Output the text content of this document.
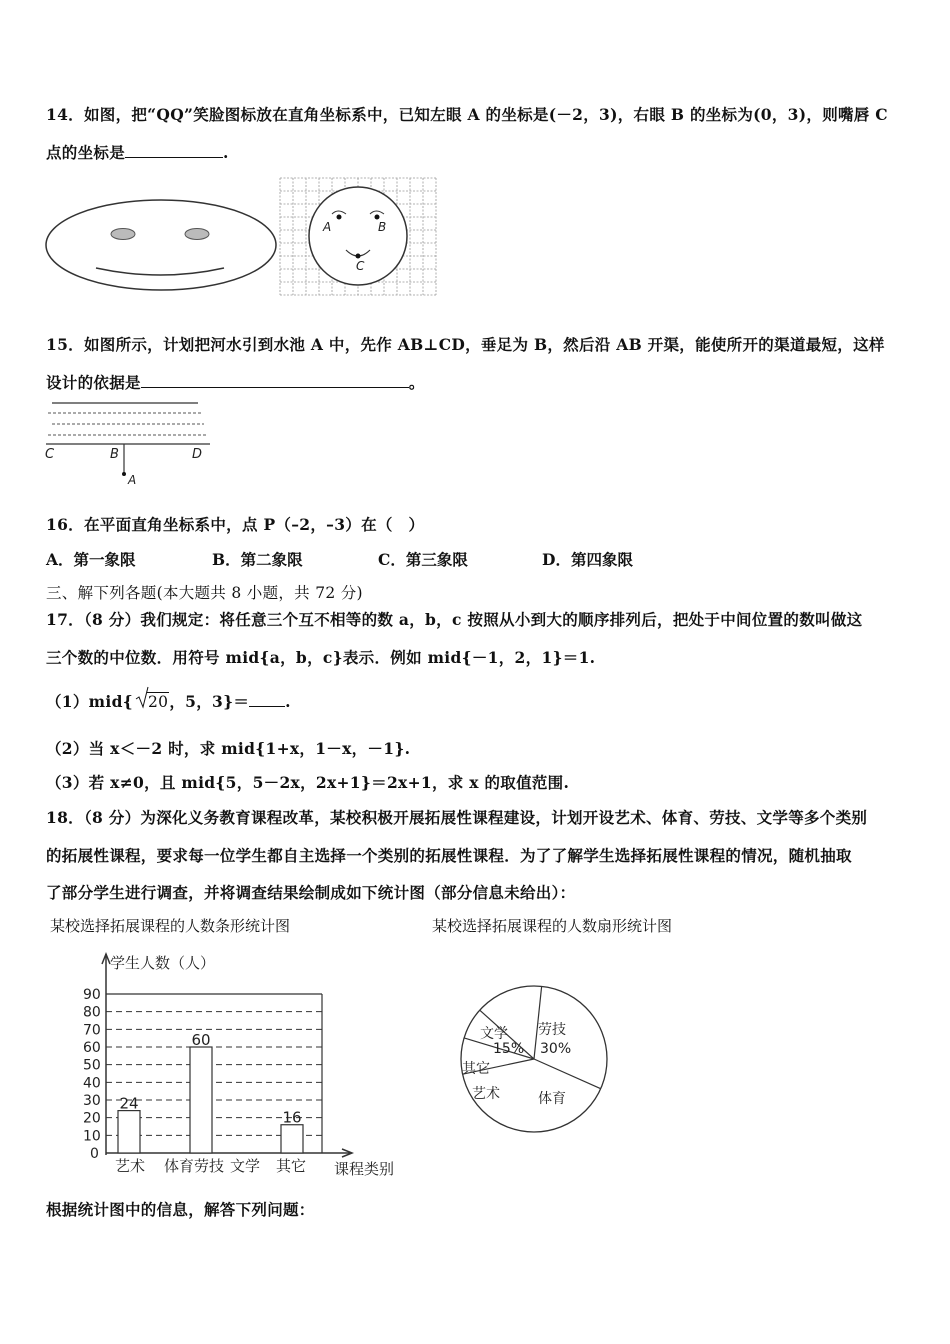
14．如图，把“QQ”笑脸图标放在直角坐标系中，已知左眼 A 的坐标是(－2，3)，右眼 B 的坐标为(0，3)，则嘴唇 C
点的坐标是	.
A	B
C
15．如图所示，计划把河水引到水池 A 中，先作 AB⊥CD，垂足为 B，然后沿 AB 开渠，能使所开的渠道最短，这样
设计的依据是	。
C	B	D
A
16．在平面直角坐标系中，点 P（–2，–3）在（　）
A．第一象限	B．第二象限	C．第三象限	D．第四象限
三、解下列各题(本大题共 8 小题，共 72 分)
17．（8 分）我们规定：将任意三个互不相等的数 a，b，c 按照从小到大的顺序排列后，把处于中间位置的数叫做这
三个数的中位数．用符号 mid{a，b，c}表示．例如 mid{－1，2，1}＝1.
（1）mid{ 20，5，3}＝ .
（2）当 x＜－2 时，求 mid{1+x，1－x，－1}.
（3）若 x≠0，且 mid{5，5－2x，2x+1}＝2x+1，求 x 的取值范围.
18．（8 分）为深化义务教育课程改革，某校积极开展拓展性课程建设，计划开设艺术、体育、劳技、文学等多个类别
的拓展性课程，要求每一位学生都自主选择一个类别的拓展性课程．为了了解学生选择拓展性课程的情况，随机抽取
了部分学生进行调查，并将调查结果绘制成如下统计图（部分信息未给出）：
某校选择拓展课程的人数条形统计图	某校选择拓展课程的人数扇形统计图
学生人数（人）
课程类别
0
10
20
30
40
50
60
70
80
90
艺术 体育 劳技 文学 其它
24
60
16
劳技
30%
体育
艺术
其它
文学
15%
根据统计图中的信息，解答下列问题：
